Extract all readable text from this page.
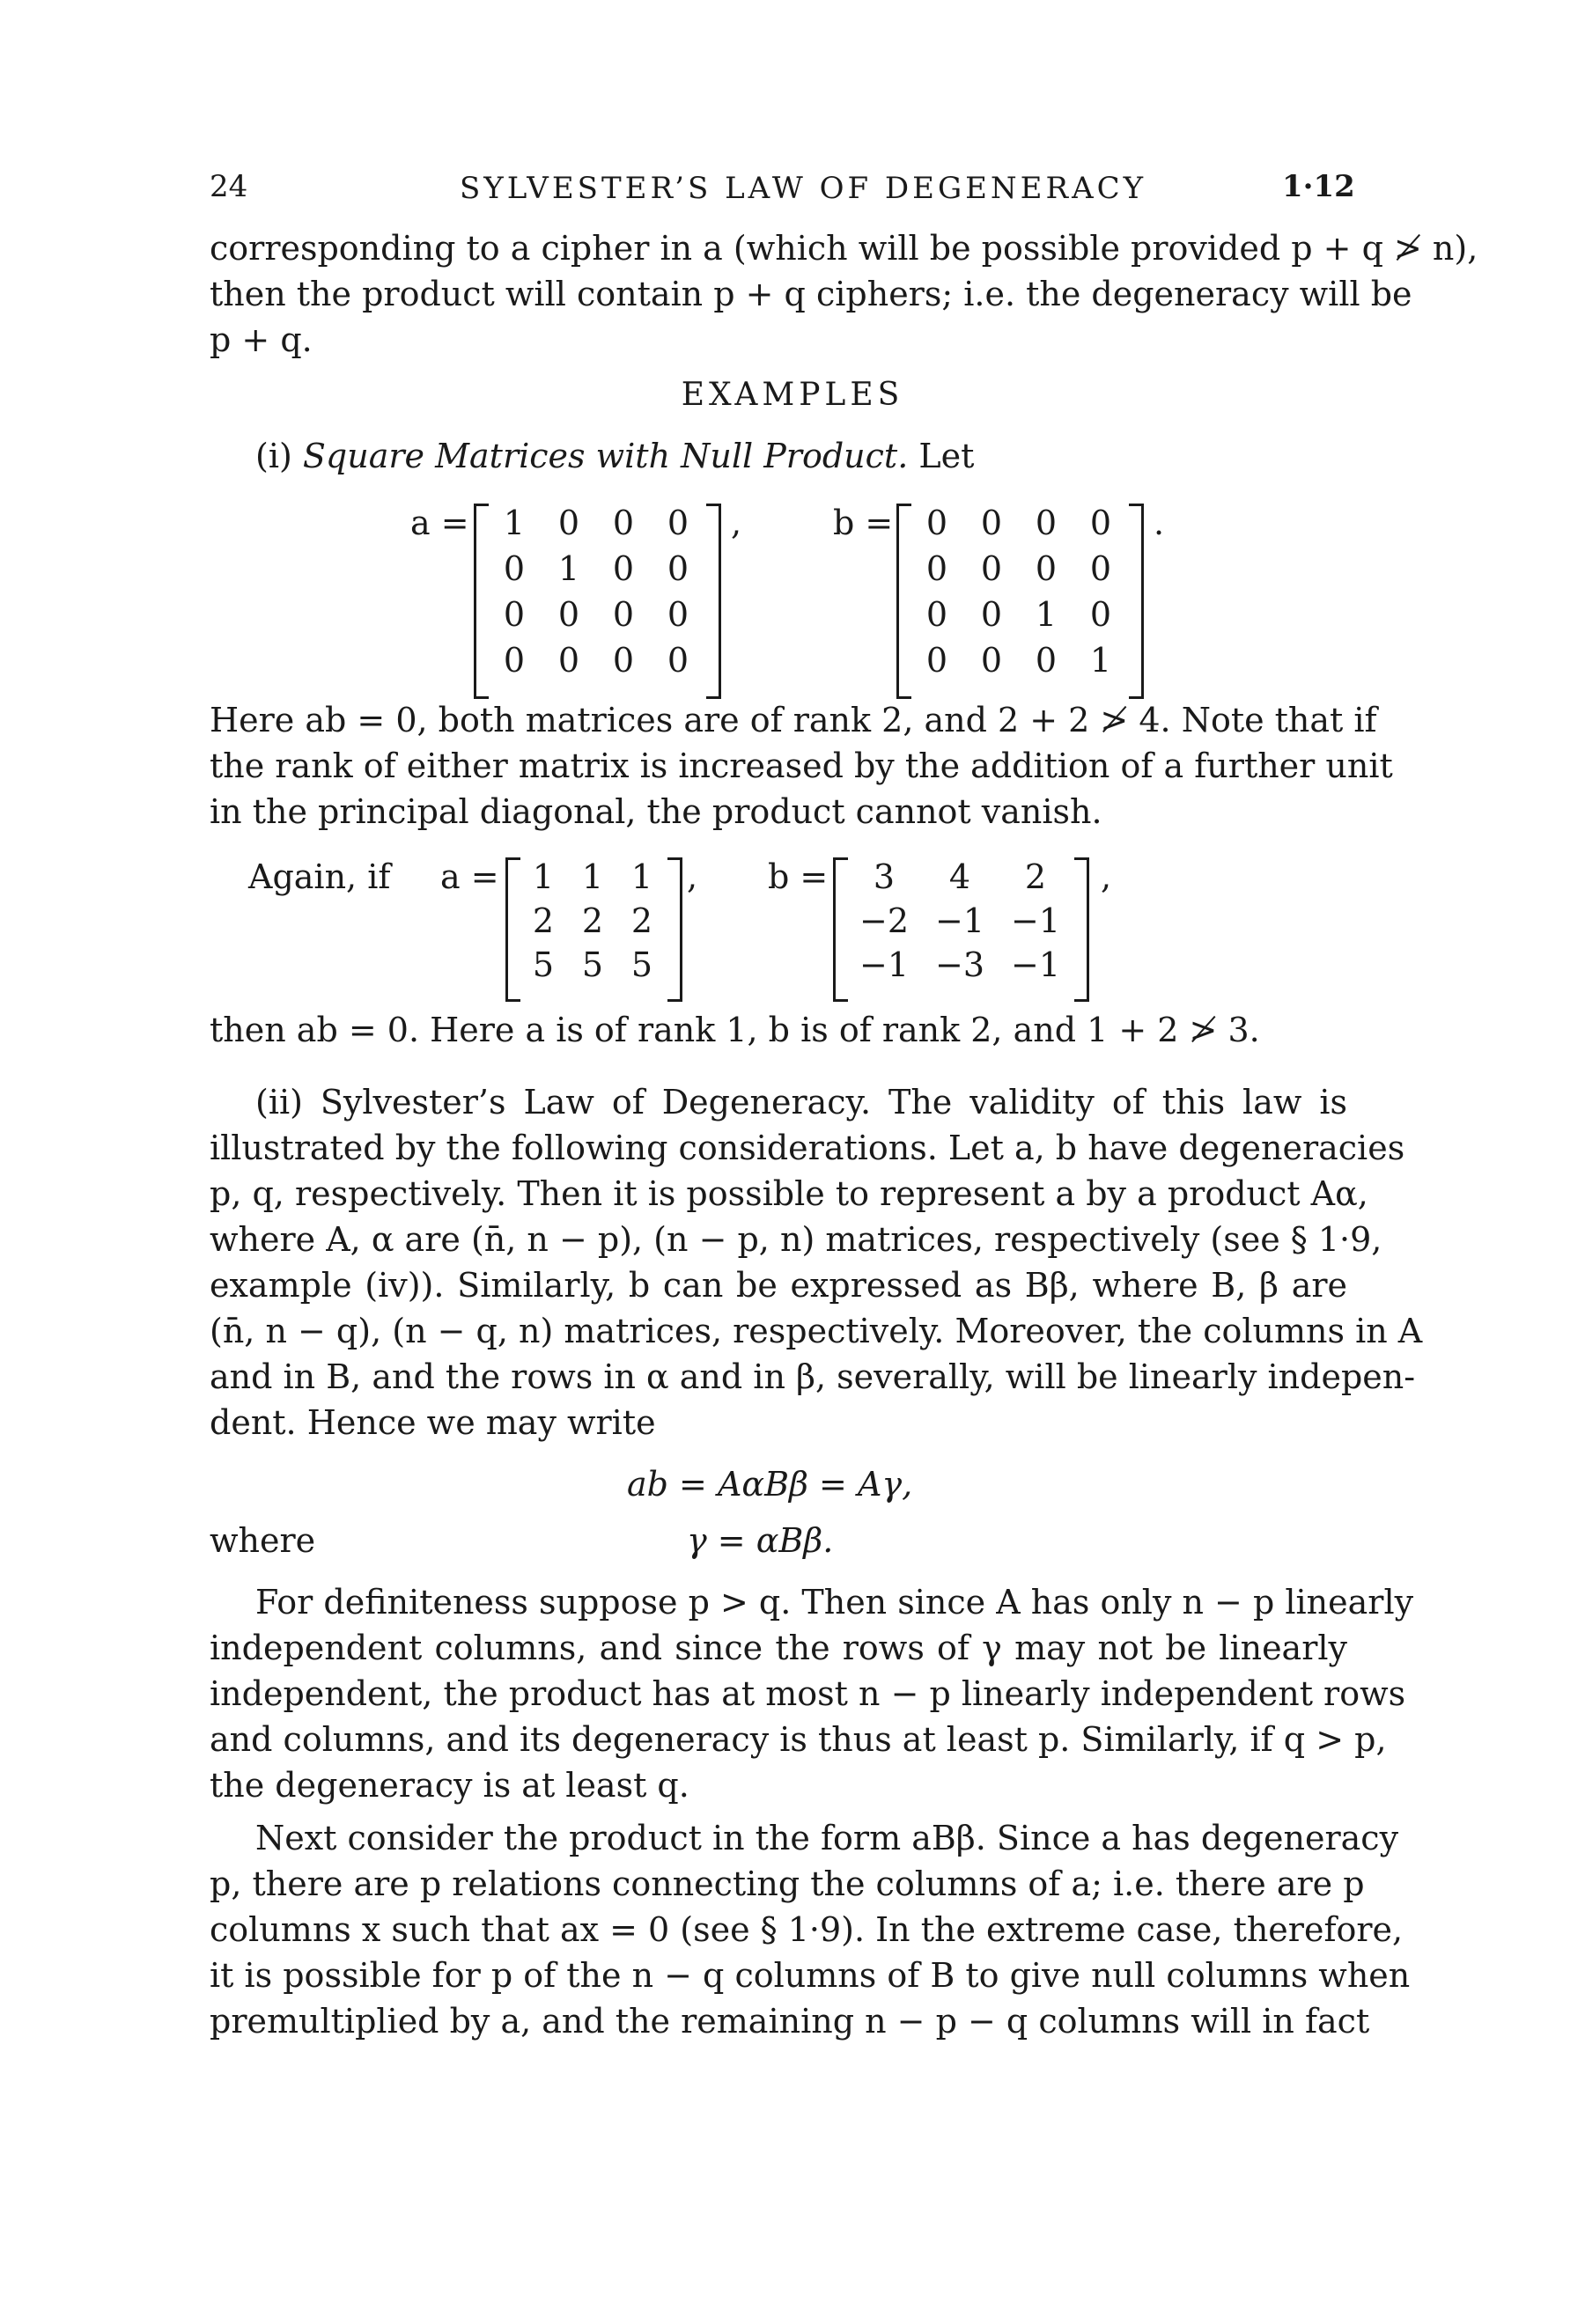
24	SYLVESTER’S LAW OF DEGENERACY	1·12
corresponding to a cipher in a (which will be possible provided p + q ≯ n),
then the product will contain p + q ciphers; i.e. the degeneracy will be
p + q.
EXAMPLES
(i) Square Matrices with Null Product. Let
a =	1 0 0 0
0 1 0 0
0 0 0 0
0 0 0 0
,	b = 0 0 0 0
0 0 0 0
0 0 1 0
0 0 0 1
.
Here ab = 0, both matrices are of rank 2, and 2 + 2 ≯ 4. Note that if
the rank of either matrix is increased by the addition of a further unit
in the principal diagonal, the product cannot vanish.
Again, if a =	1 1 1
2 2 2
5 5 5
, b =	3	4	2
−2 −1 −1
−1 −3 −1
,
then ab = 0. Here a is of rank 1, b is of rank 2, and 1 + 2 ≯ 3.
(ii) Sylvester’s Law of Degeneracy. The validity of this law is
illustrated by the following considerations. Let a, b have degeneracies
p, q, respectively. Then it is possible to represent a by a product Aα,
where A, α are (n̄, n − p), (n − p, n) matrices, respectively (see § 1·9,
example (iv)). Similarly, b can be expressed as Bβ, where B, β are
(n̄, n − q), (n − q, n) matrices, respectively. Moreover, the columns in A
and in B, and the rows in α and in β, severally, will be linearly indepen-
dent. Hence we may write
ab = AαBβ = Aγ,
where	γ = αBβ.
For definiteness suppose p > q. Then since A has only n − p linearly
independent columns, and since the rows of γ may not be linearly
independent, the product has at most n − p linearly independent rows
and columns, and its degeneracy is thus at least p. Similarly, if q > p,
the degeneracy is at least q.
Next consider the product in the form aBβ. Since a has degeneracy
p, there are p relations connecting the columns of a; i.e. there are p
columns x such that ax = 0 (see § 1·9). In the extreme case, therefore,
it is possible for p of the n − q columns of B to give null columns when
premultiplied by a, and the remaining n − p − q columns will in fact
